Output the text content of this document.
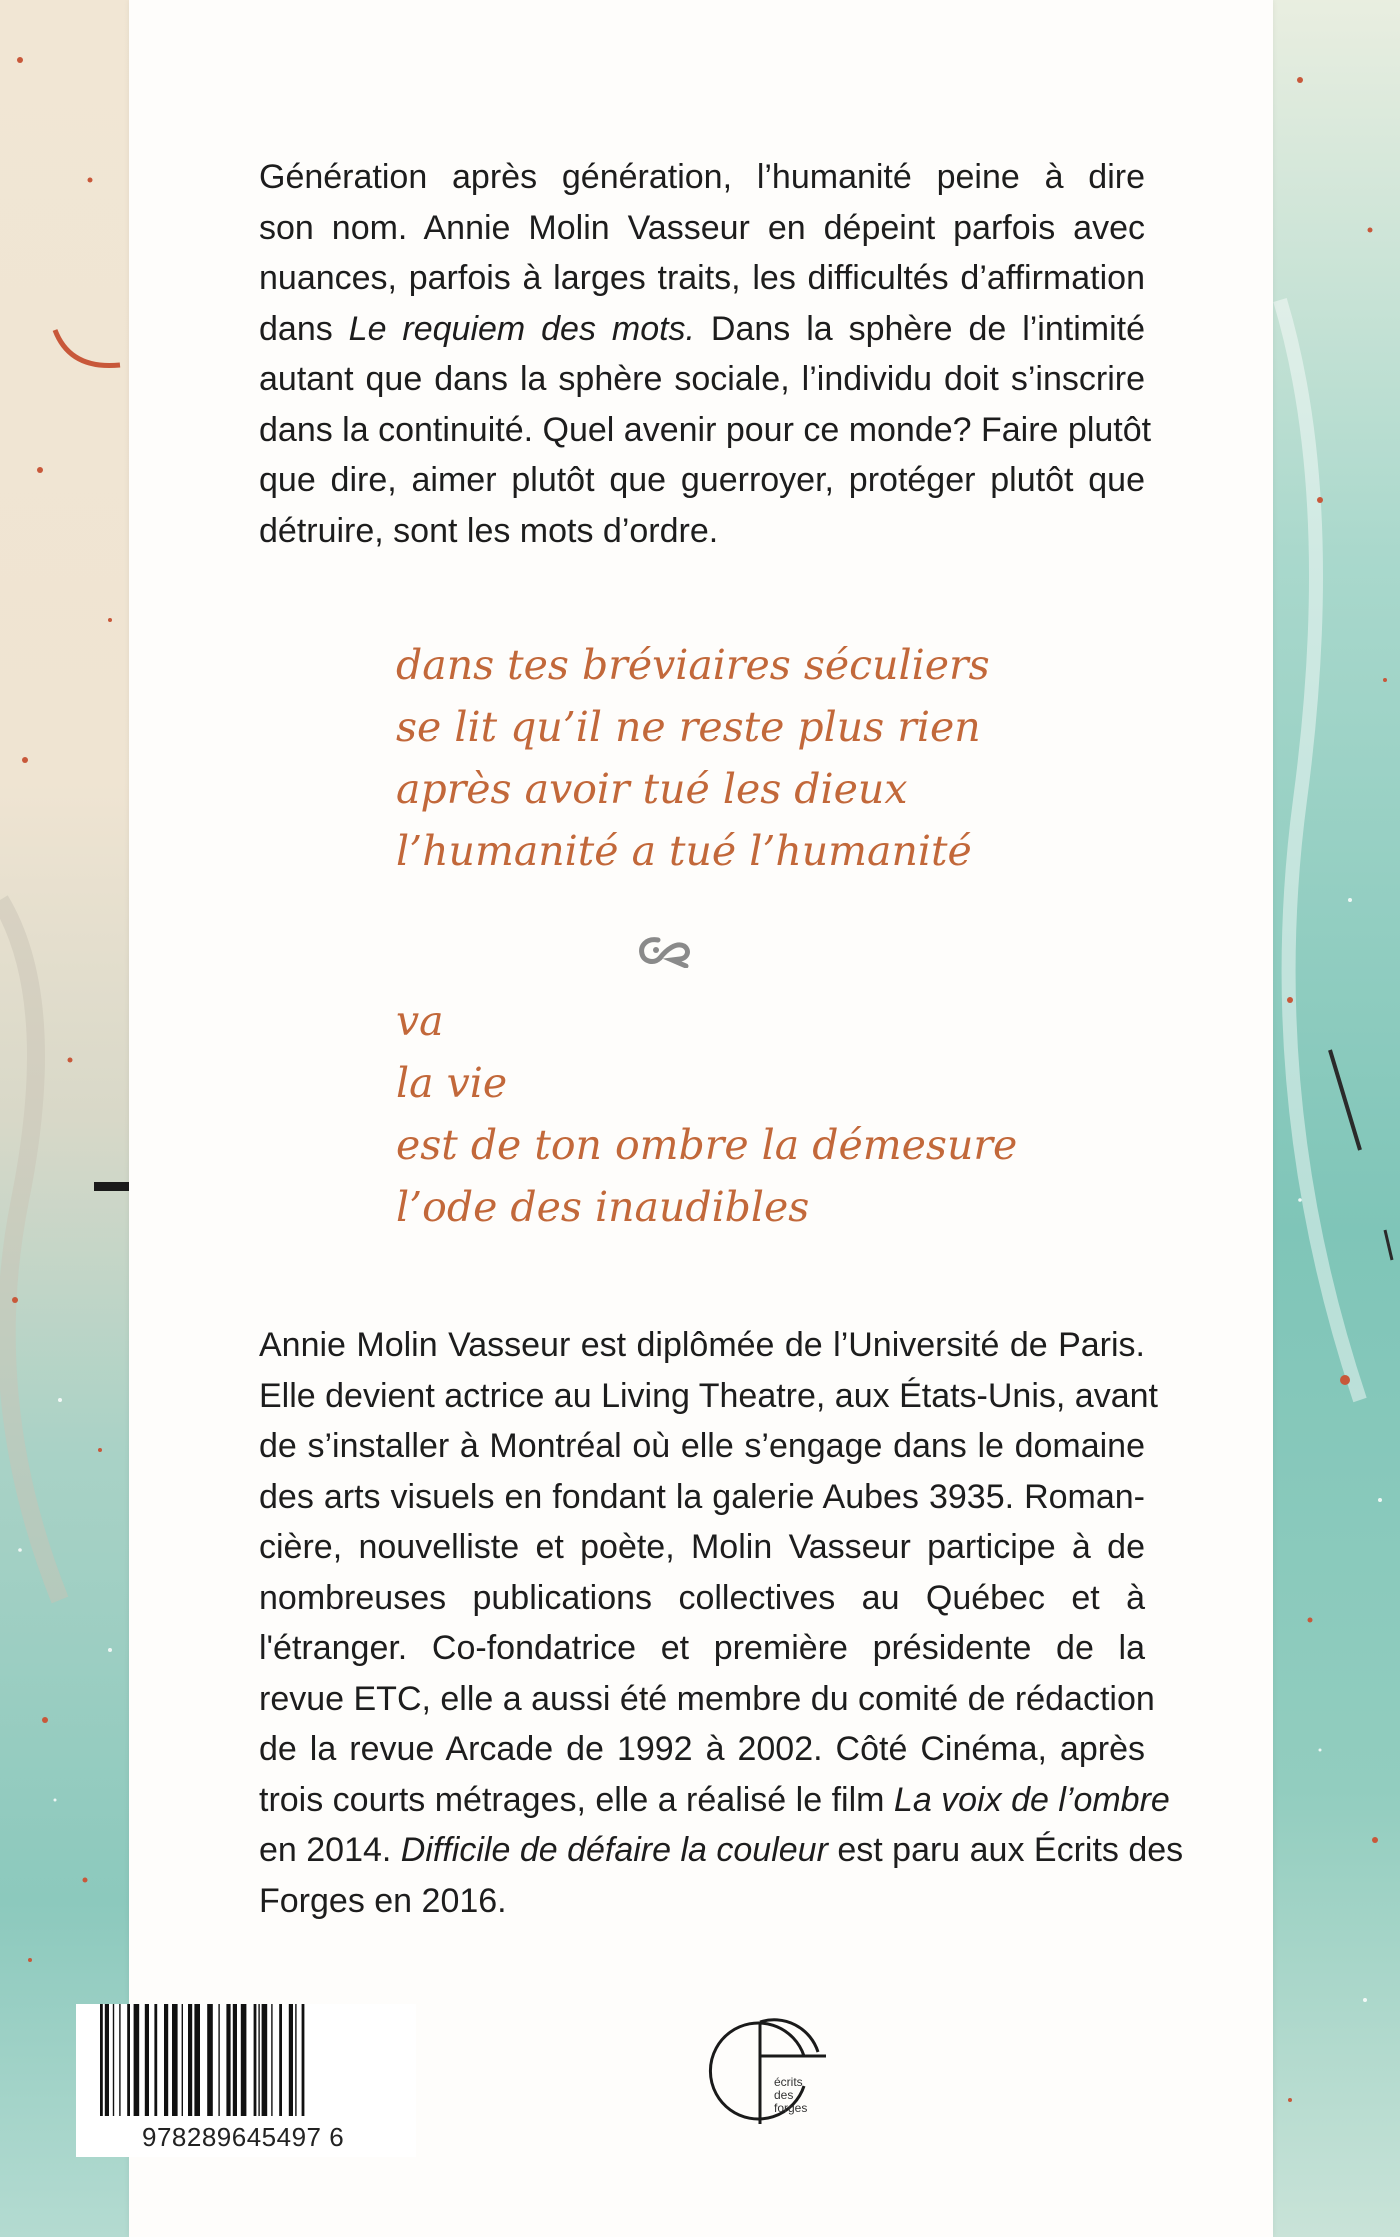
Génération après génération, l’humanité peine à dire
son nom. Annie Molin Vasseur en dépeint parfois avec
nuances, parfois à larges traits, les difficultés d’affirmation
dans Le requiem des mots. Dans la sphère de l’intimité
autant que dans la sphère sociale, l’individu doit s’inscrire
dans la continuité. Quel avenir pour ce monde? Faire plutôt
que dire, aimer plutôt que guerroyer, protéger plutôt que
détruire, sont les mots d’ordre.
dans tes bréviaires séculiers
se lit qu’il ne reste plus rien
après avoir tué les dieux
l’humanité a tué l’humanité
va
la vie
est de ton ombre la démesure
l’ode des inaudibles
Annie Molin Vasseur est diplômée de l’Université de Paris.
Elle devient actrice au Living Theatre, aux États-Unis, avant
de s’installer à Montréal où elle s’engage dans le domaine
des arts visuels en fondant la galerie Aubes 3935. Roman-
cière, nouvelliste et poète, Molin Vasseur participe à de
nombreuses publications collectives au Québec et à
l'étranger. Co-fondatrice et première présidente de la
revue ETC, elle a aussi été membre du comité de rédaction
de la revue Arcade de 1992 à 2002. Côté Cinéma, après
trois courts métrages, elle a réalisé le film La voix de l’ombre
en 2014. Difficile de défaire la couleur est paru aux Écrits des
Forges en 2016.
978289645497 6
écrits
des
forges
